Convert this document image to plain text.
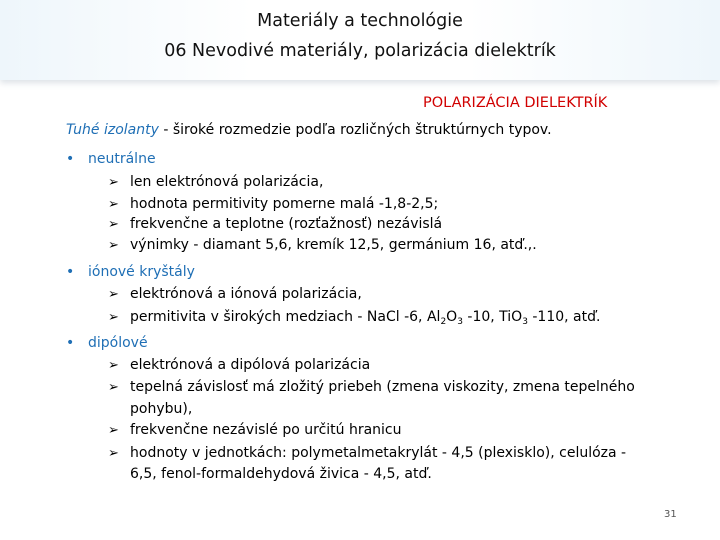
Materiály a technológie
06 Nevodivé materiály, polarizácia dielektrík
POLARIZÁCIA DIELEKTRÍK
Tuhé izolanty - široké rozmedzie podľa rozličných štruktúrnych typov.
• neutrálne
➢ len elektrónová polarizácia,
➢ hodnota permitivity pomerne malá -1,8-2,5;
➢ frekvenčne a teplotne (rozťažnosť) nezávislá
➢ výnimky - diamant 5,6, kremík 12,5, germánium 16, atď.,.
• iónové kryštály
➢ elektrónová a iónová polarizácia,
➢ permitivita v širokých medziach - NaCl -6, $Al_2O_3$ -10, TiO$_3$ -110, atď.
• dipólové
➢ elektrónová a dipólová polarizácia
➢ tepelná závislosť má zložitý priebeh (zmena viskozity, zmena tepelného
pohybu),
➢ frekvenčne nezávislé po určitú hranicu
➢ hodnoty v jednotkách: polymetalmetakrylát - 4,5 (plexisklo), celulóza -
6,5, fenol-formaldehydová živica - 4,5, atď.
31
